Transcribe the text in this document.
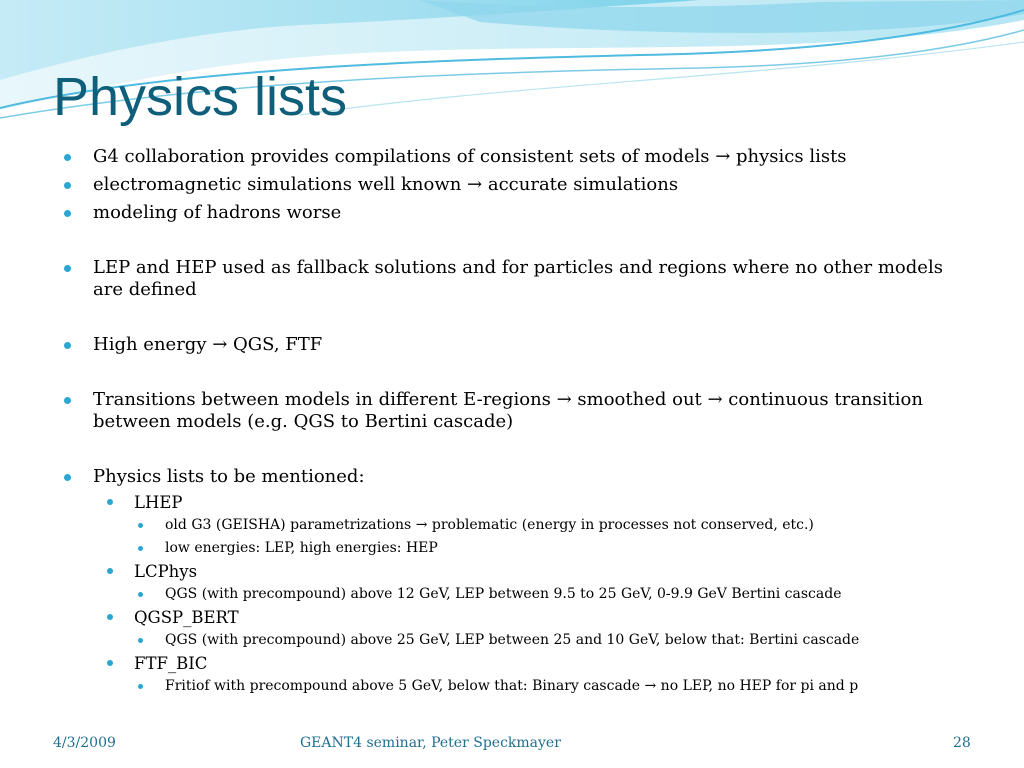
Physics lists
G4 collaboration provides compilations of consistent sets of models → physics lists
electromagnetic simulations well known → accurate simulations
modeling of hadrons worse
LEP and HEP used as fallback solutions and for particles and regions where no other models are defined
High energy → QGS, FTF
Transitions between models in different E-regions → smoothed out → continuous transition between models (e.g. QGS to Bertini cascade)
Physics lists to be mentioned:
LHEP
old G3 (GEISHA) parametrizations → problematic (energy in processes not conserved, etc.)
low energies: LEP, high energies: HEP
LCPhys
QGS (with precompound) above 12 GeV, LEP between 9.5 to 25 GeV, 0-9.9 GeV Bertini cascade
QGSP_BERT
QGS (with precompound) above 25 GeV, LEP between 25 and 10 GeV, below that: Bertini cascade
FTF_BIC
Fritiof with precompound above 5 GeV, below that: Binary cascade → no LEP, no HEP for pi and p
4/3/2009	GEANT4 seminar, Peter Speckmayer	28
